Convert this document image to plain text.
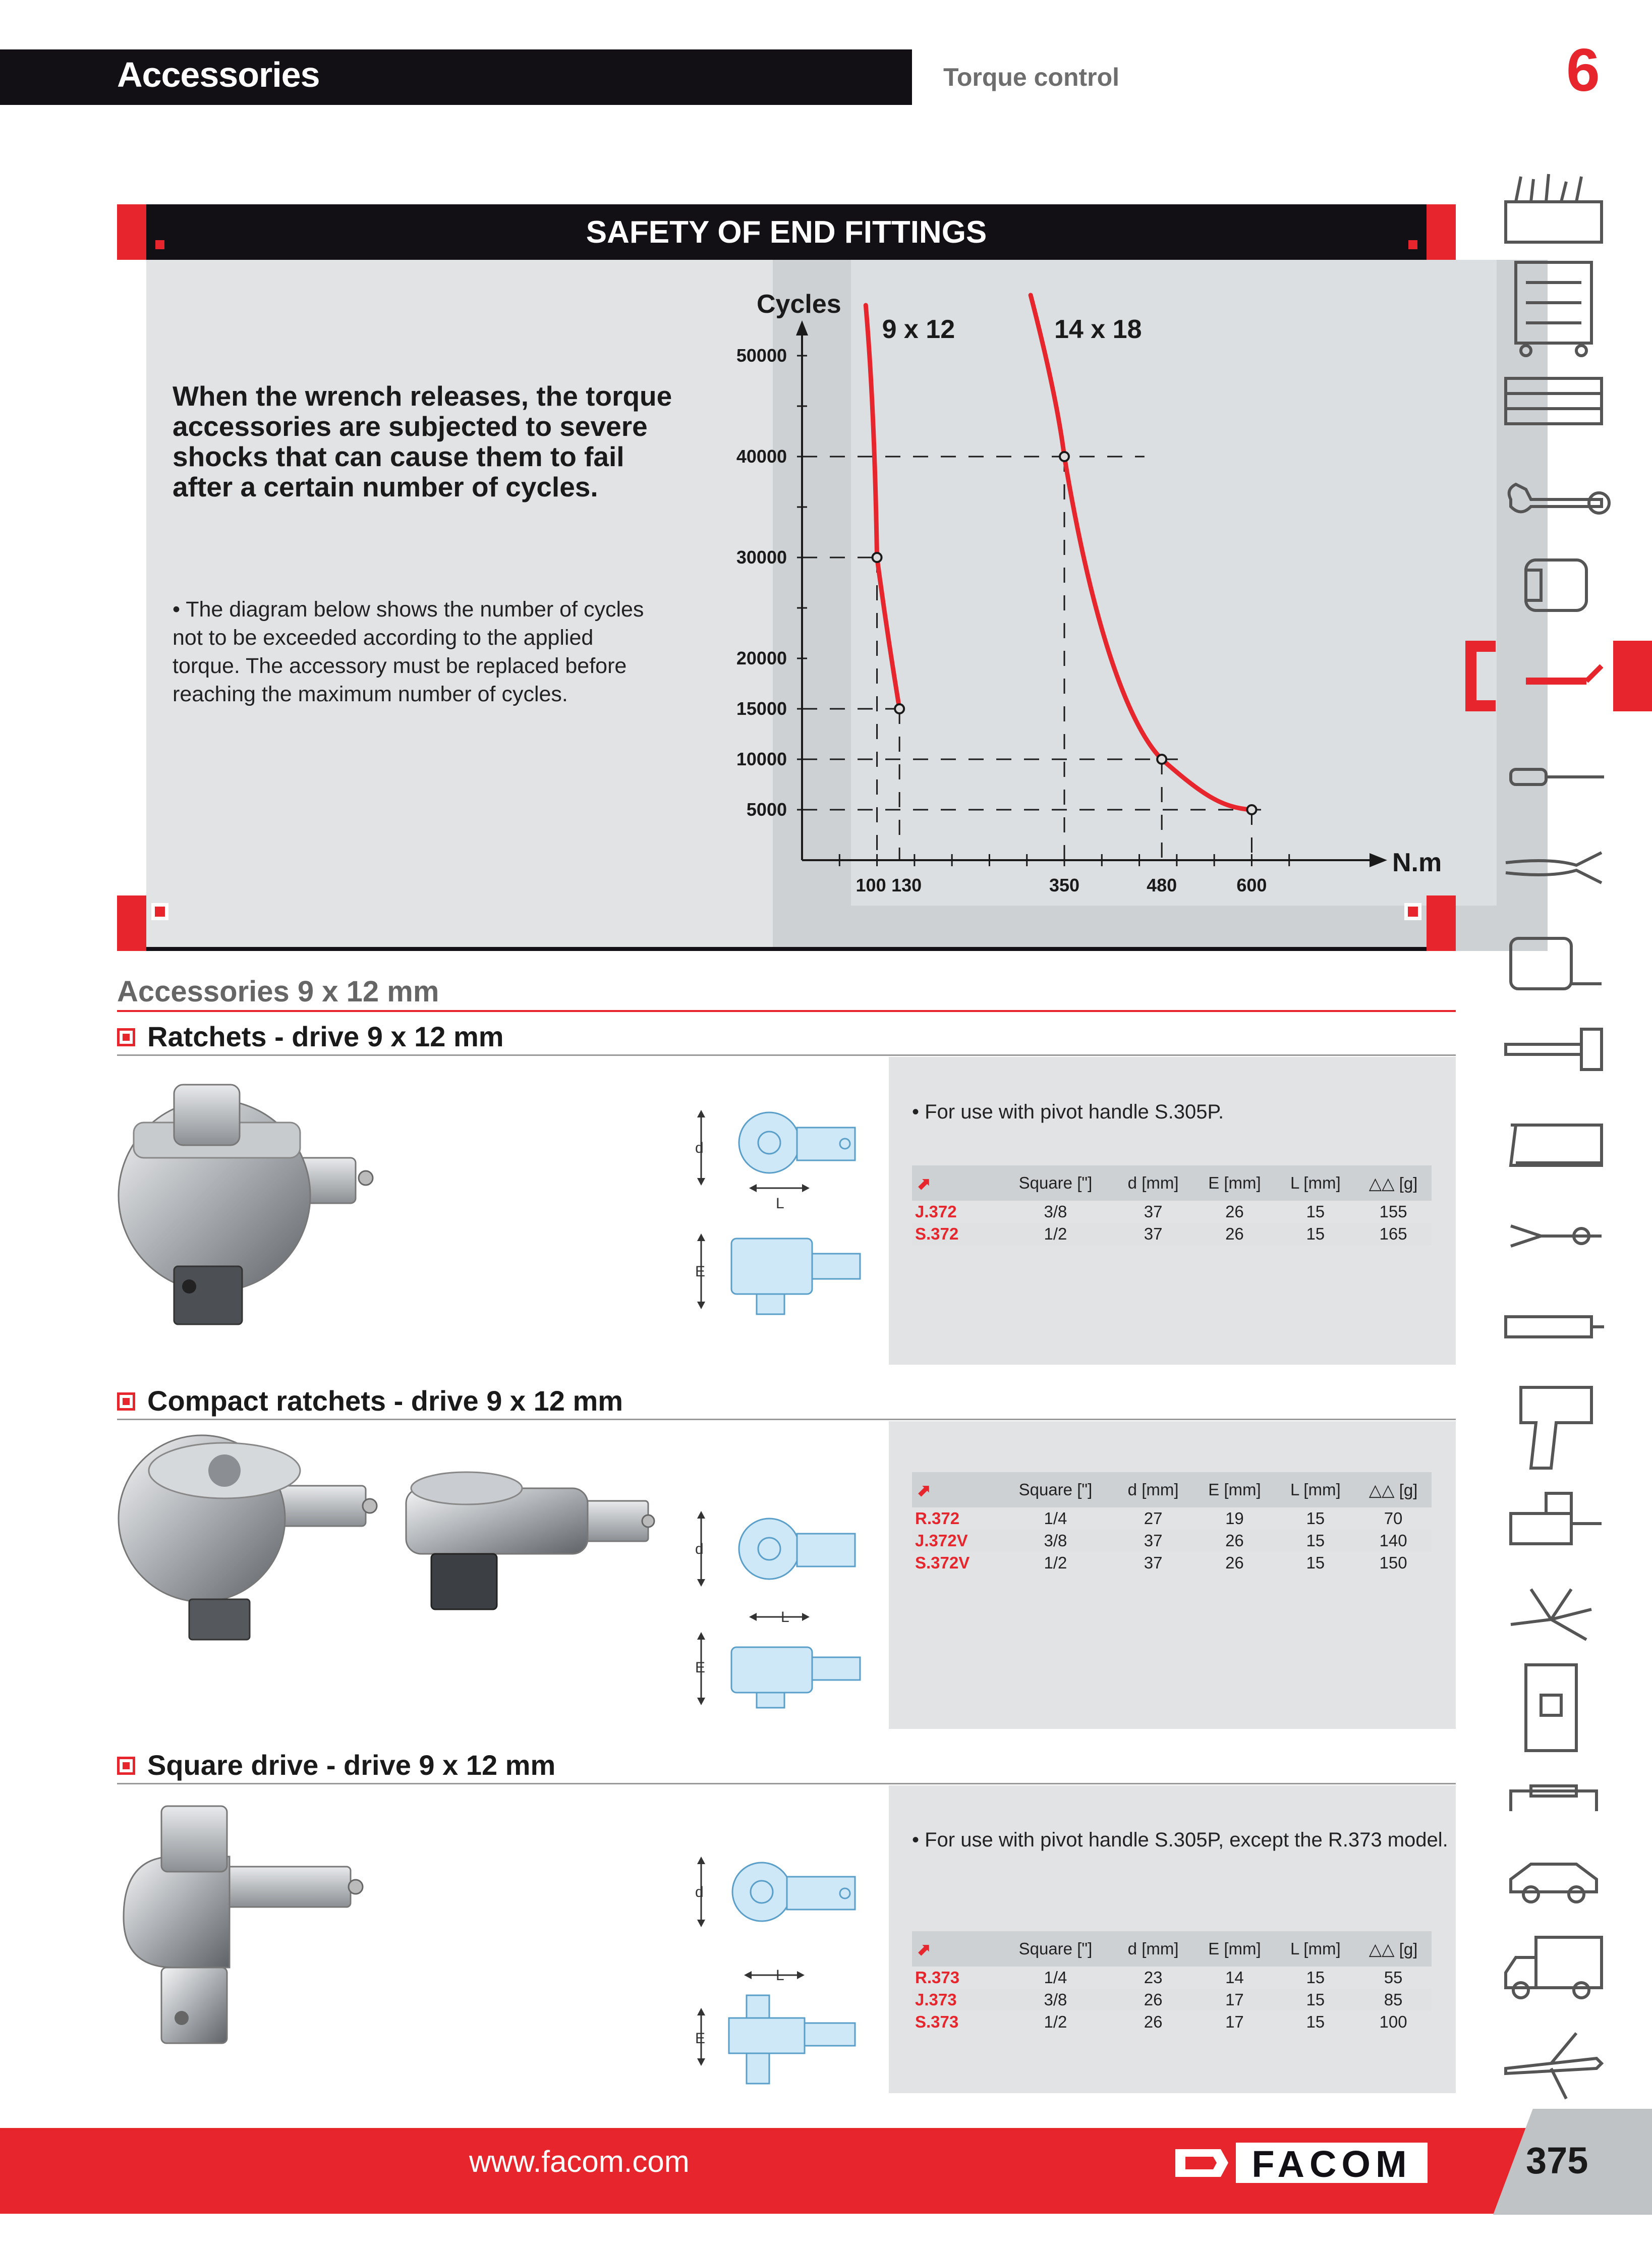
Accessories	Torque control	6
SAFETY OF END FITTINGS
When the wrench releases, the torque accessories are subjected to severe shocks that can cause them to fail after a certain number of cycles.
• The diagram below shows the number of cycles not to be exceeded according to the applied torque. The accessory must be replaced before reaching the maximum number of cycles.
5000
10000
15000
20000
30000
40000
50000
100 130	350	480	600
Cycles
N.m
9 x 12	14 x 18
Accessories 9 x 12 mm
Ratchets - drive 9 x 12 mm
• For use with pivot handle S.305P.
d
L
E
⬈	Square ["]	d [mm]	E [mm]	L [mm]	△△ [g]
J.372	3/8	37	26	15	155
S.372	1/2	37	26	15	165
Compact ratchets - drive 9 x 12 mm
d
L
E
⬈	Square ["]	d [mm]	E [mm]	L [mm]	△△ [g]
R.372	1/4	27	19	15	70
J.372V	3/8	37	26	15	140
S.372V	1/2	37	26	15	150
Square drive - drive 9 x 12 mm
• For use with pivot handle S.305P, except the R.373 model.
d
L
E
⬈	Square ["]	d [mm]	E [mm]	L [mm]	△△ [g]
R.373	1/4	23	14	15	55
J.373	3/8	26	17	15	85
S.373	1/2	26	17	15	100
www.facom.com	FACOM	375
